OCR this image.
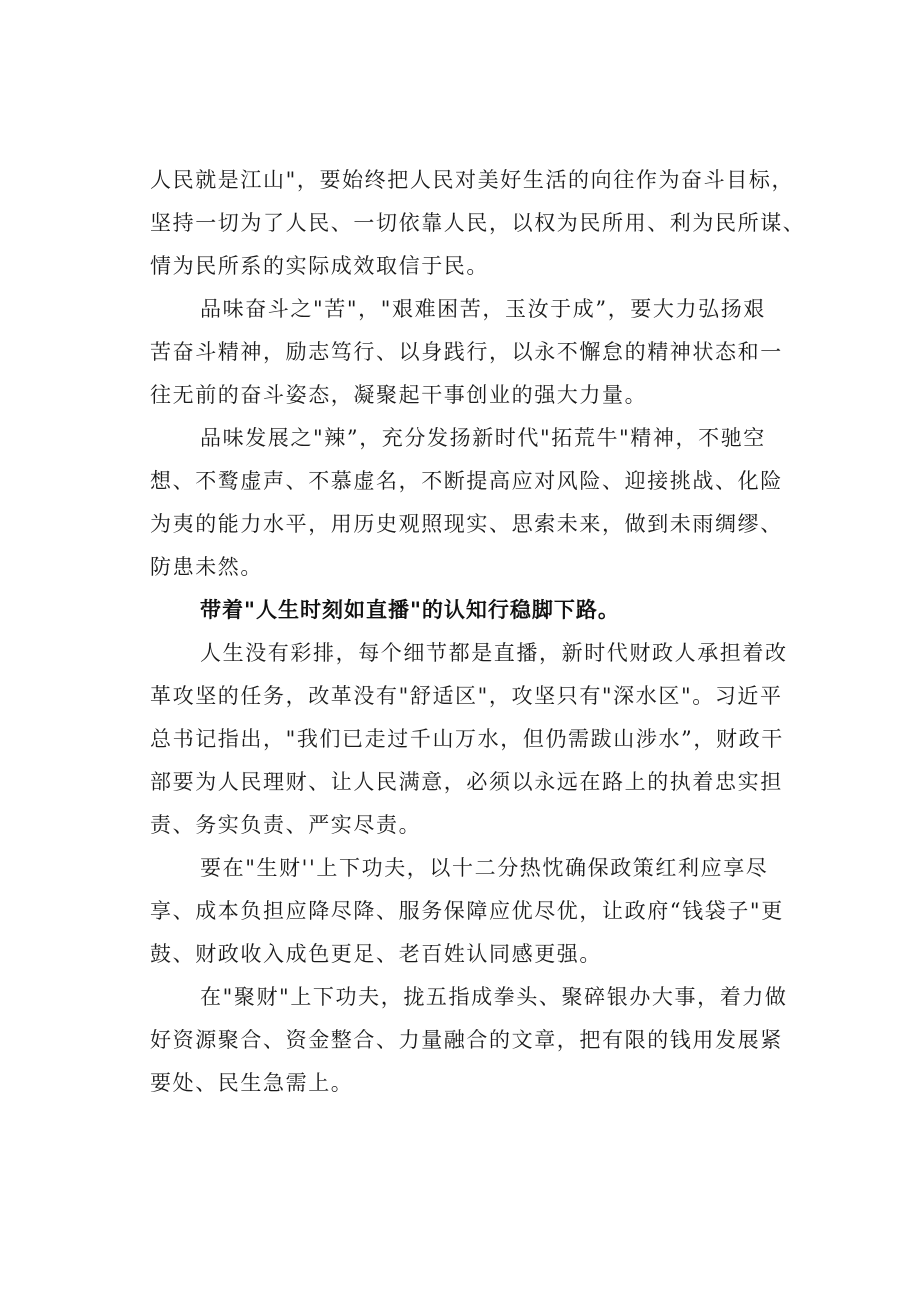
人民就是江山"，要始终把人民对美好生活的向往作为奋斗目标，
坚持一切为了人民、一切依靠人民，以权为民所用、利为民所谋、
情为民所系的实际成效取信于民。
品味奋斗之"苦"，"艰难困苦，玉汝于成”，要大力弘扬艰
苦奋斗精神，励志笃行、以身践行，以永不懈怠的精神状态和一
往无前的奋斗姿态，凝聚起干事创业的强大力量。
品味发展之"辣”，充分发扬新时代"拓荒牛"精神，不驰空
想、不鹜虚声、不慕虚名，不断提高应对风险、迎接挑战、化险
为夷的能力水平，用历史观照现实、思索未来，做到未雨绸缪、
防患未然。
带着"人生时刻如直播"的认知行稳脚下路。
人生没有彩排，每个细节都是直播，新时代财政人承担着改
革攻坚的任务，改革没有"舒适区"，攻坚只有"深水区"。习近平
总书记指出，"我们已走过千山万水，但仍需跋山涉水”，财政干
部要为人民理财、让人民满意，必须以永远在路上的执着忠实担
责、务实负责、严实尽责。
要在"生财''上下功夫，以十二分热忱确保政策红利应享尽
享、成本负担应降尽降、服务保障应优尽优，让政府“钱袋子"更
鼓、财政收入成色更足、老百姓认同感更强。
在"聚财"上下功夫，拢五指成拳头、聚碎银办大事，着力做
好资源聚合、资金整合、力量融合的文章，把有限的钱用发展紧
要处、民生急需上。
